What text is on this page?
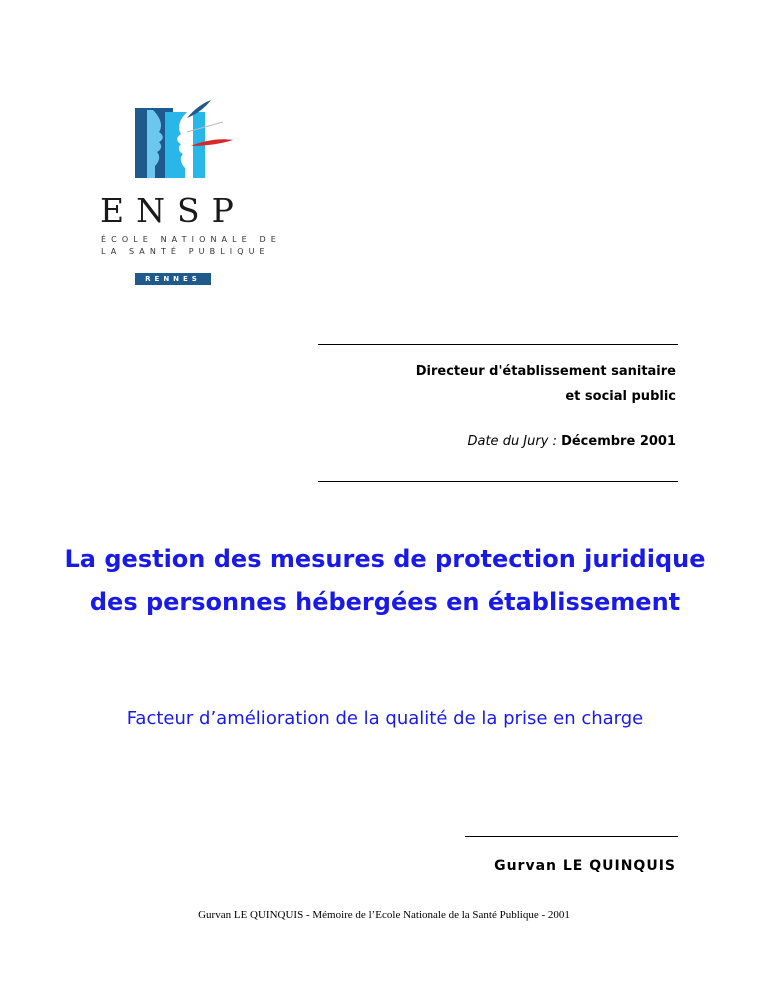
ENSP
ÉCOLE NATIONALE DE
LA SANTÉ PUBLIQUE
RENNES
Directeur d'établissement sanitaire
et social public
Date du Jury : Décembre 2001
La gestion des mesures de protection juridique des personnes hébergées en établissement
Facteur d’amélioration de la qualité de la prise en charge
Gurvan LE QUINQUIS
Gurvan LE QUINQUIS - Mémoire de l’Ecole Nationale de la Santé Publique - 2001
